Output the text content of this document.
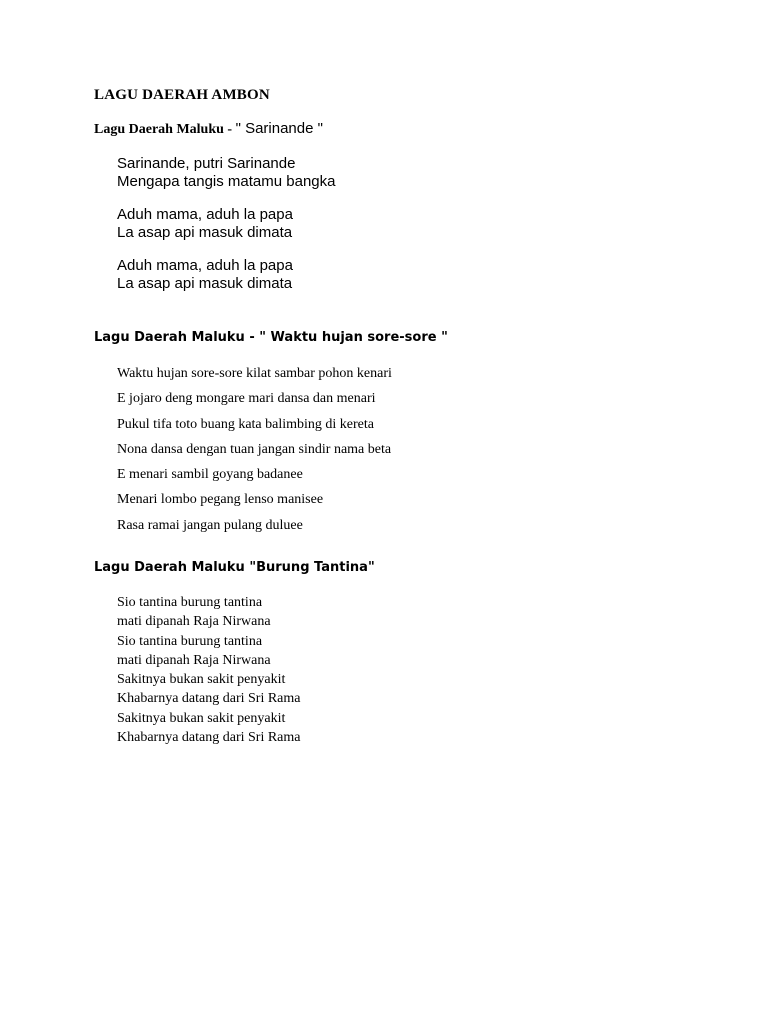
LAGU DAERAH AMBON
Lagu Daerah Maluku - " Sarinande "
Sarinande, putri Sarinande
Mengapa tangis matamu bangka
Aduh mama, aduh la papa
La asap api masuk dimata
Aduh mama, aduh la papa
La asap api masuk dimata
Lagu Daerah Maluku - " Waktu hujan sore-sore "
Waktu hujan sore-sore kilat sambar pohon kenari
E jojaro deng mongare mari dansa dan menari
Pukul tifa toto buang kata balimbing di kereta
Nona dansa dengan tuan jangan sindir nama beta
E menari sambil goyang badanee
Menari lombo pegang lenso manisee
Rasa ramai jangan pulang duluee
Lagu Daerah Maluku "Burung Tantina"
Sio tantina burung tantina
mati dipanah Raja Nirwana
Sio tantina burung tantina
mati dipanah Raja Nirwana
Sakitnya bukan sakit penyakit
Khabarnya datang dari Sri Rama
Sakitnya bukan sakit penyakit
Khabarnya datang dari Sri Rama
